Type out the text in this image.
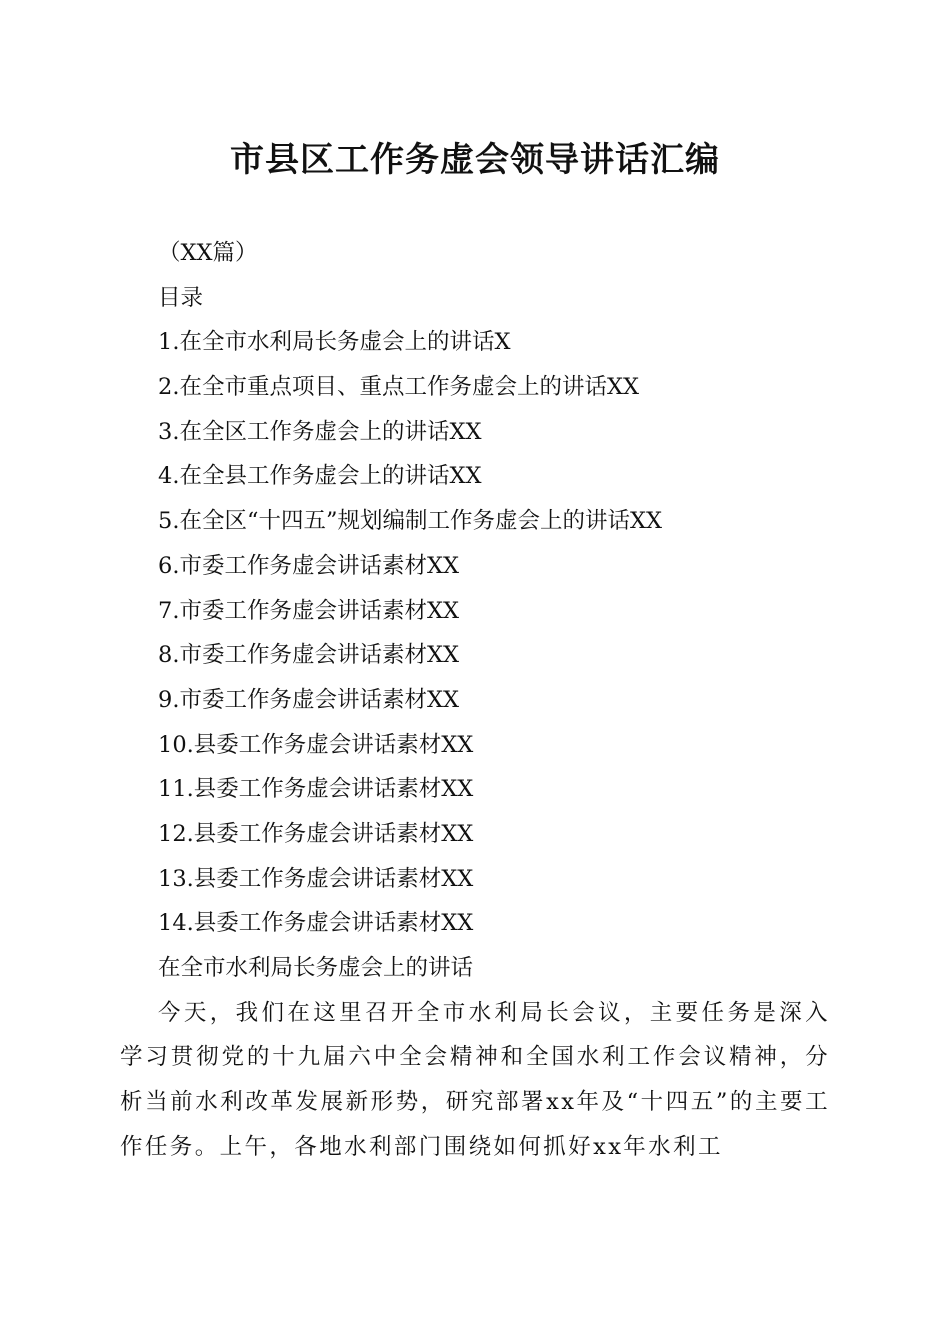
市县区工作务虚会领导讲话汇编
（XX篇）
目录
1.在全市水利局长务虚会上的讲话X
2.在全市重点项目、重点工作务虚会上的讲话XX
3.在全区工作务虚会上的讲话XX
4.在全县工作务虚会上的讲话XX
5.在全区“十四五”规划编制工作务虚会上的讲话XX
6.市委工作务虚会讲话素材XX
7.市委工作务虚会讲话素材XX
8.市委工作务虚会讲话素材XX
9.市委工作务虚会讲话素材XX
10.县委工作务虚会讲话素材XX
11.县委工作务虚会讲话素材XX
12.县委工作务虚会讲话素材XX
13.县委工作务虚会讲话素材XX
14.县委工作务虚会讲话素材XX
在全市水利局长务虚会上的讲话

今天，我们在这里召开全市水利局长会议，主要任务是深入学习贯彻党的十九届六中全会精神和全国水利工作会议精神，分析当前水利改革发展新形势，研究部署xx年及“十四五”的主要工作任务。上午，各地水利部门围绕如何抓好xx年水利工
